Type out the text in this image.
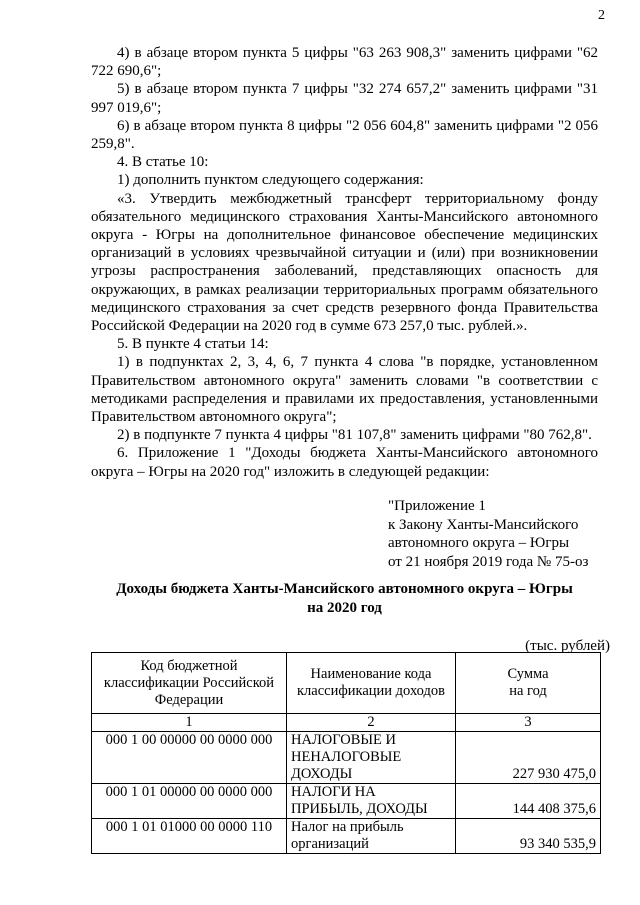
2

4) в абзаце втором пункта 5 цифры "63 263 908,3" заменить цифрами "62 722 690,6";

5) в абзаце втором пункта 7 цифры "32 274 657,2" заменить цифрами "31 997 019,6";

6) в абзаце втором пункта 8 цифры "2 056 604,8" заменить цифрами "2 056 259,8".

4. В статье 10:

1) дополнить пунктом следующего содержания:

«3. Утвердить межбюджетный трансферт территориальному фонду обязательного медицинского страхования Ханты-Мансийского автономного округа - Югры на дополнительное финансовое обеспечение медицинских организаций в условиях чрезвычайной ситуации и (или) при возникновении угрозы распространения заболеваний, представляющих опасность для окружающих, в рамках реализации территориальных программ обязательного медицинского страхования за счет средств резервного фонда Правительства Российской Федерации на 2020 год в сумме 673 257,0 тыс. рублей.».

5. В пункте 4 статьи 14:

1) в подпунктах 2, 3, 4, 6, 7 пункта 4 слова "в порядке, установленном Правительством автономного округа" заменить словами "в соответствии с методиками распределения и правилами их предоставления, установленными Правительством автономного округа";

2) в подпункте 7 пункта 4 цифры "81 107,8" заменить цифрами "80 762,8".

6. Приложение 1 "Доходы бюджета Ханты-Мансийского автономного округа – Югры на 2020 год" изложить в следующей редакции:

"Приложение 1
к Закону Ханты-Мансийского
автономного округа – Югры
от 21 ноября 2019 года № 75-оз
Доходы бюджета Ханты-Мансийского автономного округа – Югры
на 2020 год
(тыс. рублей)
Код бюджетной классификации Российской Федерации	Наименование кода классификации доходов	Сумма
на год

1	2	3
000 1 00 00000 00 0000 000	НАЛОГОВЫЕ И НЕНАЛОГОВЫЕ ДОХОДЫ	227 930 475,0
000 1 01 00000 00 0000 000	НАЛОГИ НА ПРИБЫЛЬ, ДОХОДЫ	144 408 375,6
000 1 01 01000 00 0000 110	Налог на прибыль организаций	93 340 535,9
